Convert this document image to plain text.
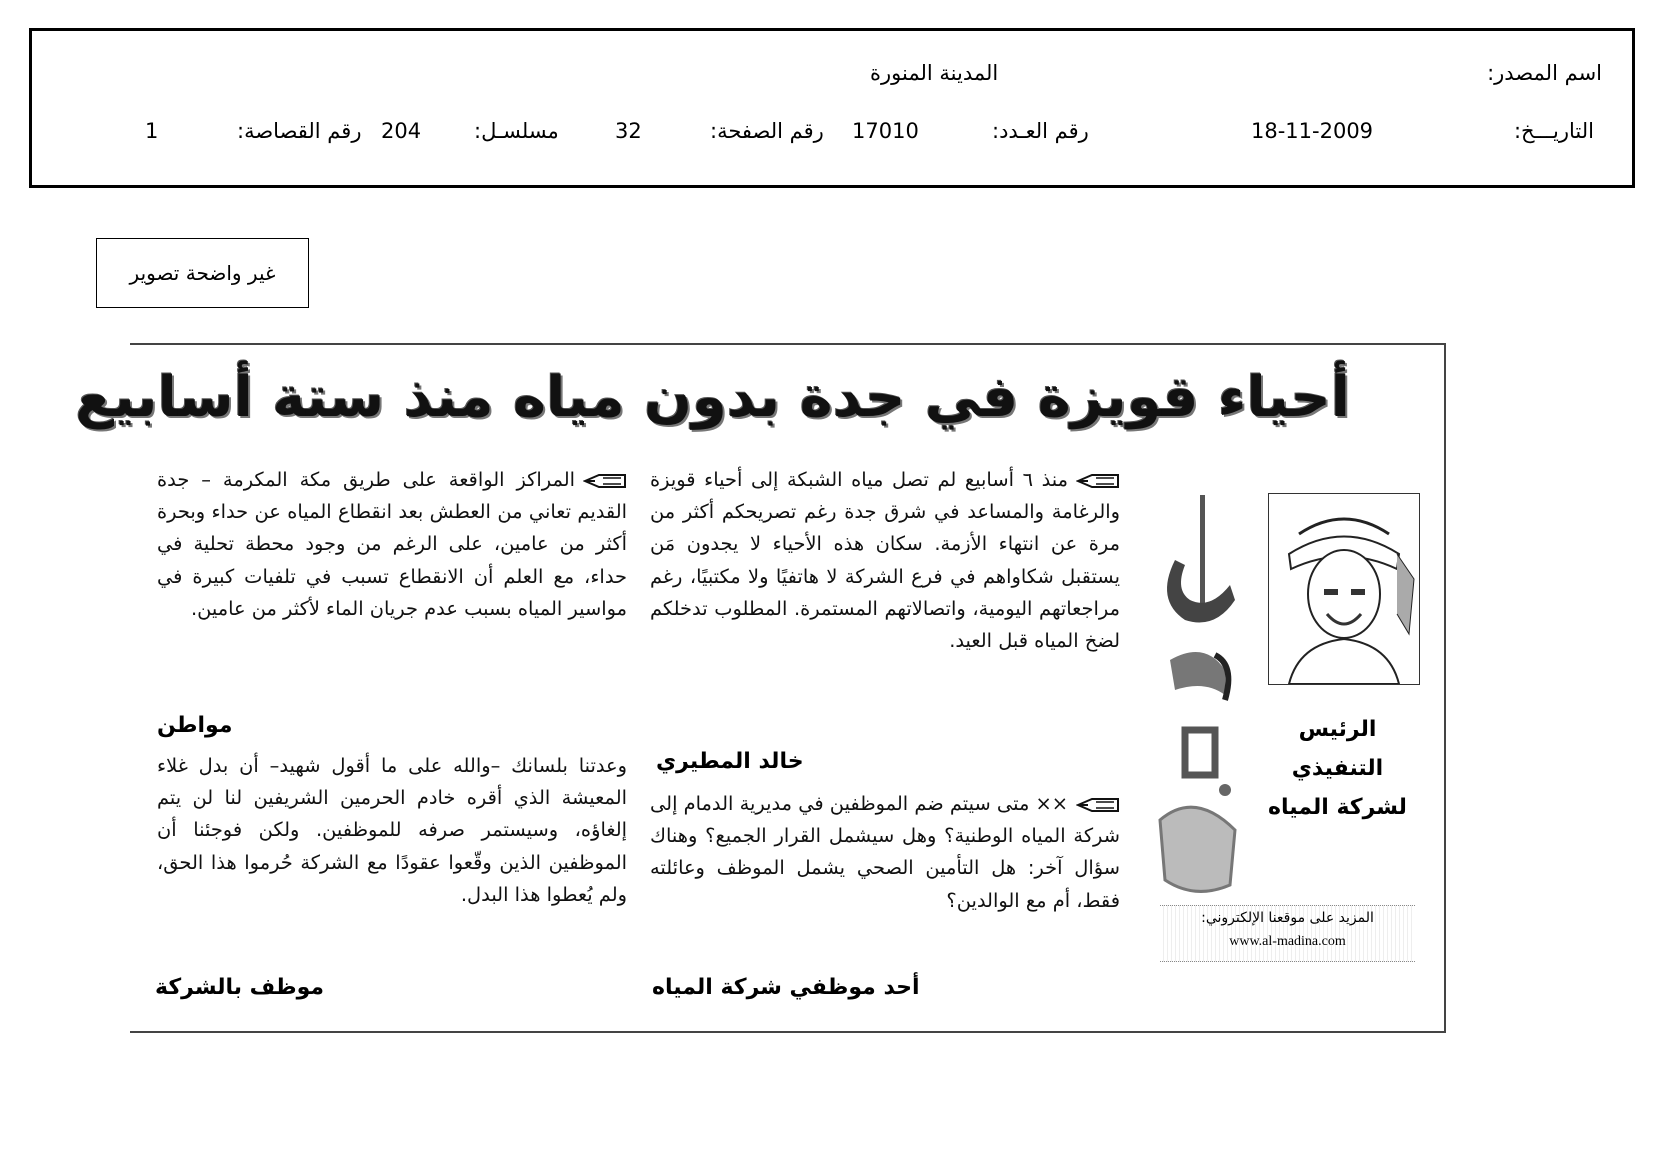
اسم المصدر:
المدينة المنورة
التاريـــخ:
18-11-2009
رقم العـدد:
17010
رقم الصفحة:
32
مسلسـل:
204
رقم القصاصة:
1
غير واضحة تصوير
أحياء قويزة في جدة بدون مياه منذ ستة أسابيع
الرئيس
التنفيذي
لشركة المياه
المزيد على موقعنا الإلكتروني:
www.al-madina.com

منذ ٦ أسابيع لم تصل مياه الشبكة إلى أحياء قويزة والرغامة والمساعد في شرق جدة رغم تصريحكم أكثر من مرة عن انتهاء الأزمة. سكان هذه الأحياء لا يجدون مَن يستقبل شكاواهم في فرع الشركة لا هاتفيًا ولا مكتبيًا، رغم مراجعاتهم اليومية، واتصالاتهم المستمرة. المطلوب تدخلكم لضخ المياه قبل العيد.

خالد المطيري

×× متى سيتم ضم الموظفين في مديرية الدمام إلى شركة المياه الوطنية؟ وهل سيشمل القرار الجميع؟ وهناك سؤال آخر: هل التأمين الصحي يشمل الموظف وعائلته فقط، أم مع الوالدين؟

أحد موظفي شركة المياه

المراكز الواقعة على طريق مكة المكرمة – جدة القديم تعاني من العطش بعد انقطاع المياه عن حداء وبحرة أكثر من عامين، على الرغم من وجود محطة تحلية في حداء، مع العلم أن الانقطاع تسبب في تلفيات كبيرة في مواسير المياه بسبب عدم جريان الماء لأكثر من عامين.

مواطن

وعدتنا بلسانك –والله على ما أقول شهيد– أن بدل غلاء المعيشة الذي أقره خادم الحرمين الشريفين لنا لن يتم إلغاؤه، وسيستمر صرفه للموظفين. ولكن فوجئنا أن الموظفين الذين وقّعوا عقودًا مع الشركة حُرموا هذا الحق، ولم يُعطوا هذا البدل.

موظف بالشركة
